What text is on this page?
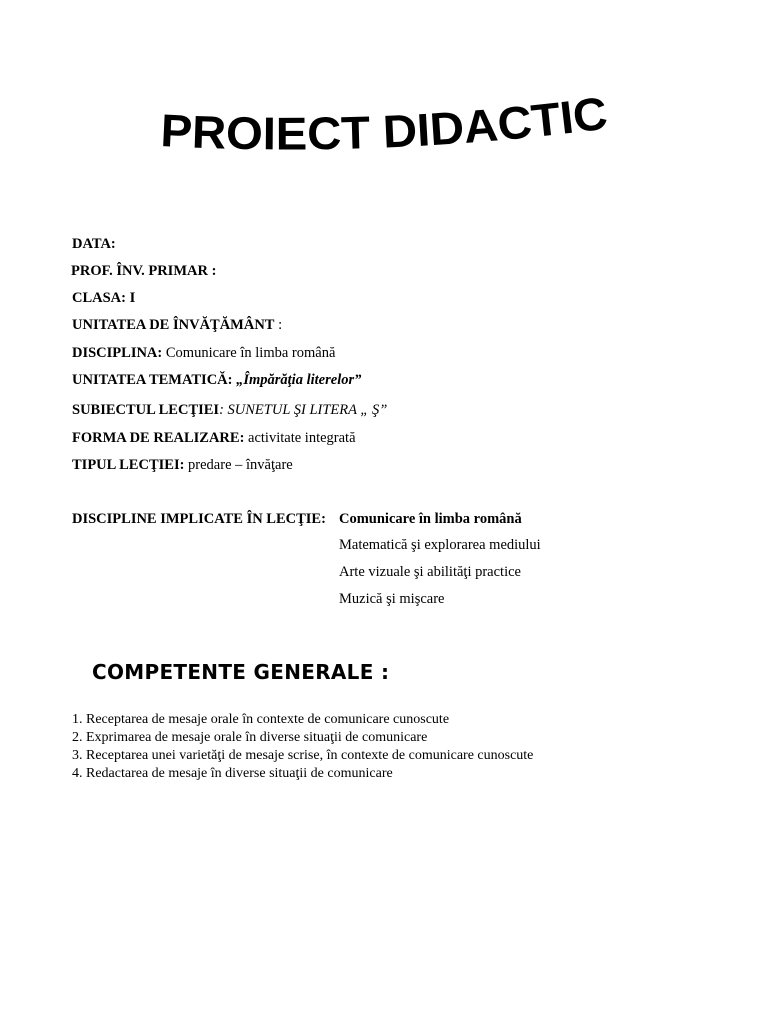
PROIECT DIDACTIC
DATA:
PROF. ÎNV. PRIMAR :
CLASA: I
UNITATEA DE ÎNVĂŢĂMÂNT :
DISCIPLINA: Comunicare în limba română
UNITATEA TEMATICĂ: „Împărăţia literelor”
SUBIECTUL LECŢIEI: SUNETUL ŞI LITERA „ Ş”
FORMA DE REALIZARE: activitate integrată
TIPUL LECŢIEI: predare – învăţare
DISCIPLINE IMPLICATE ÎN LECŢIE: Comunicare în limba română
Matematică şi explorarea mediului
Arte vizuale şi abilităţi practice
Muzică şi mişcare
COMPETENTE GENERALE :
1. Receptarea de mesaje orale în contexte de comunicare cunoscute
2. Exprimarea de mesaje orale în diverse situaţii de comunicare
3. Receptarea unei varietăţi de mesaje scrise, în contexte de comunicare cunoscute
4. Redactarea de mesaje în diverse situaţii de comunicare
